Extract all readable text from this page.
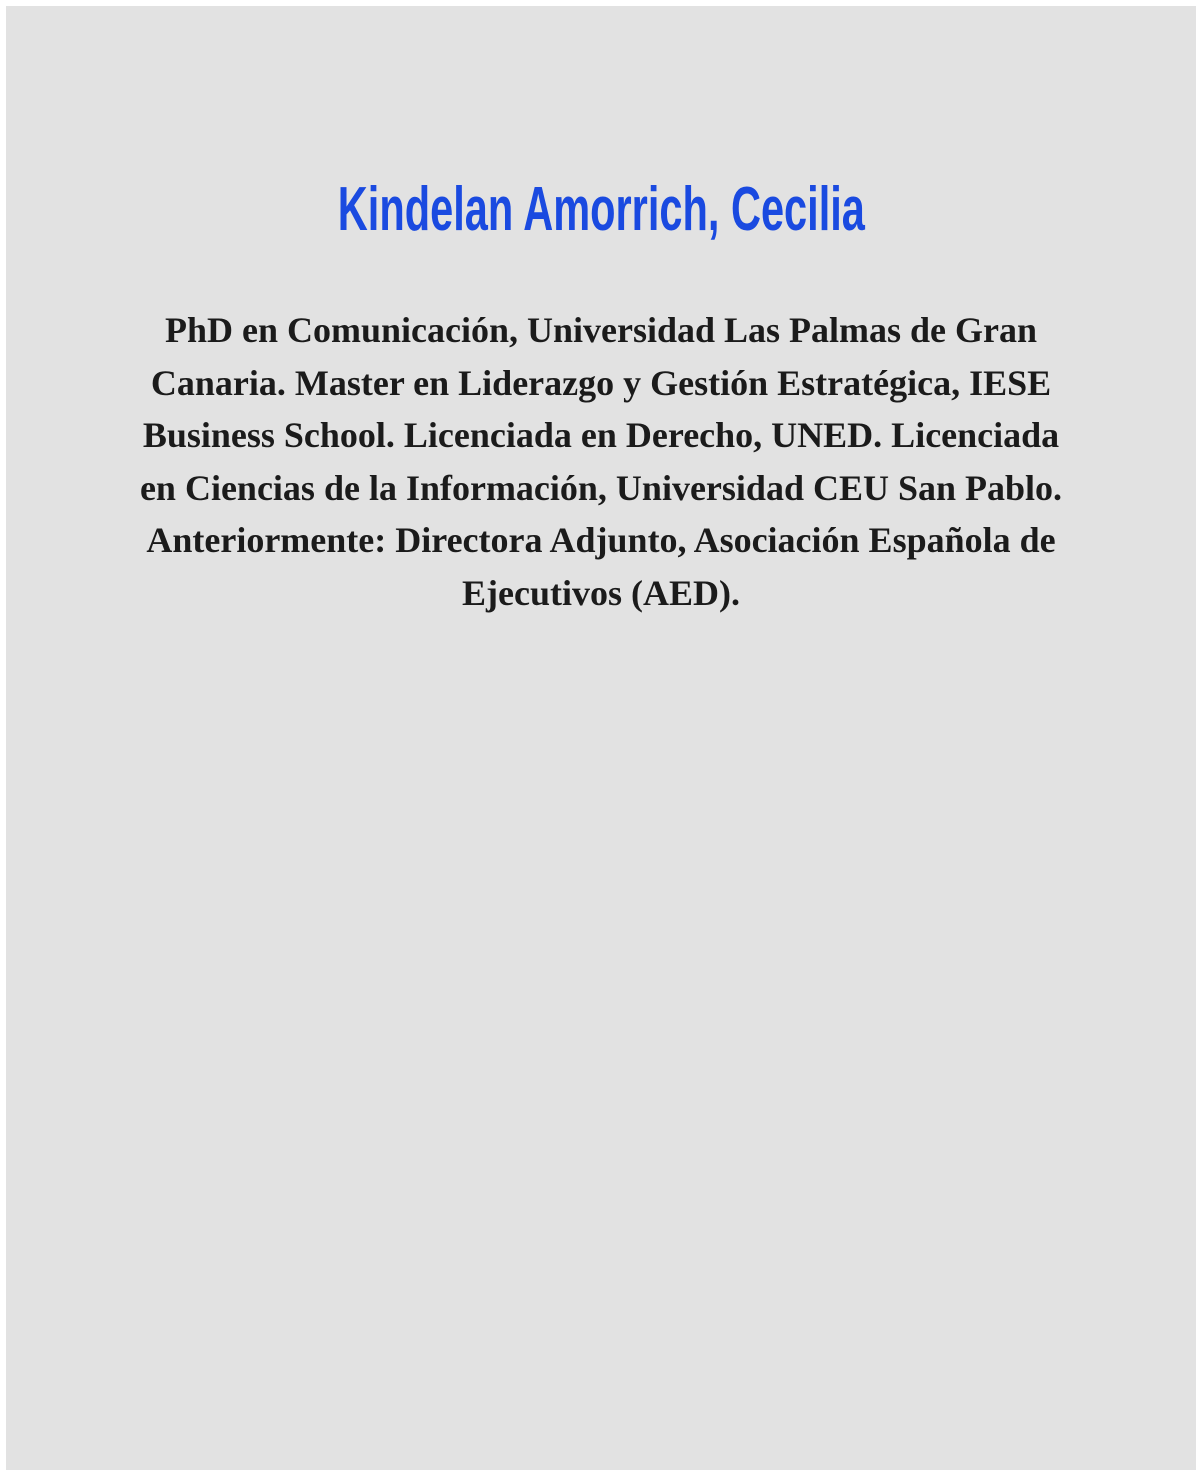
Kindelan Amorrich, Cecilia
PhD en Comunicación, Universidad Las Palmas de Gran
Canaria. Master en Liderazgo y Gestión Estratégica, IESE
Business School. Licenciada en Derecho, UNED. Licenciada
en Ciencias de la Información, Universidad CEU San Pablo.
Anteriormente: Directora Adjunto, Asociación Española de
Ejecutivos (AED).
